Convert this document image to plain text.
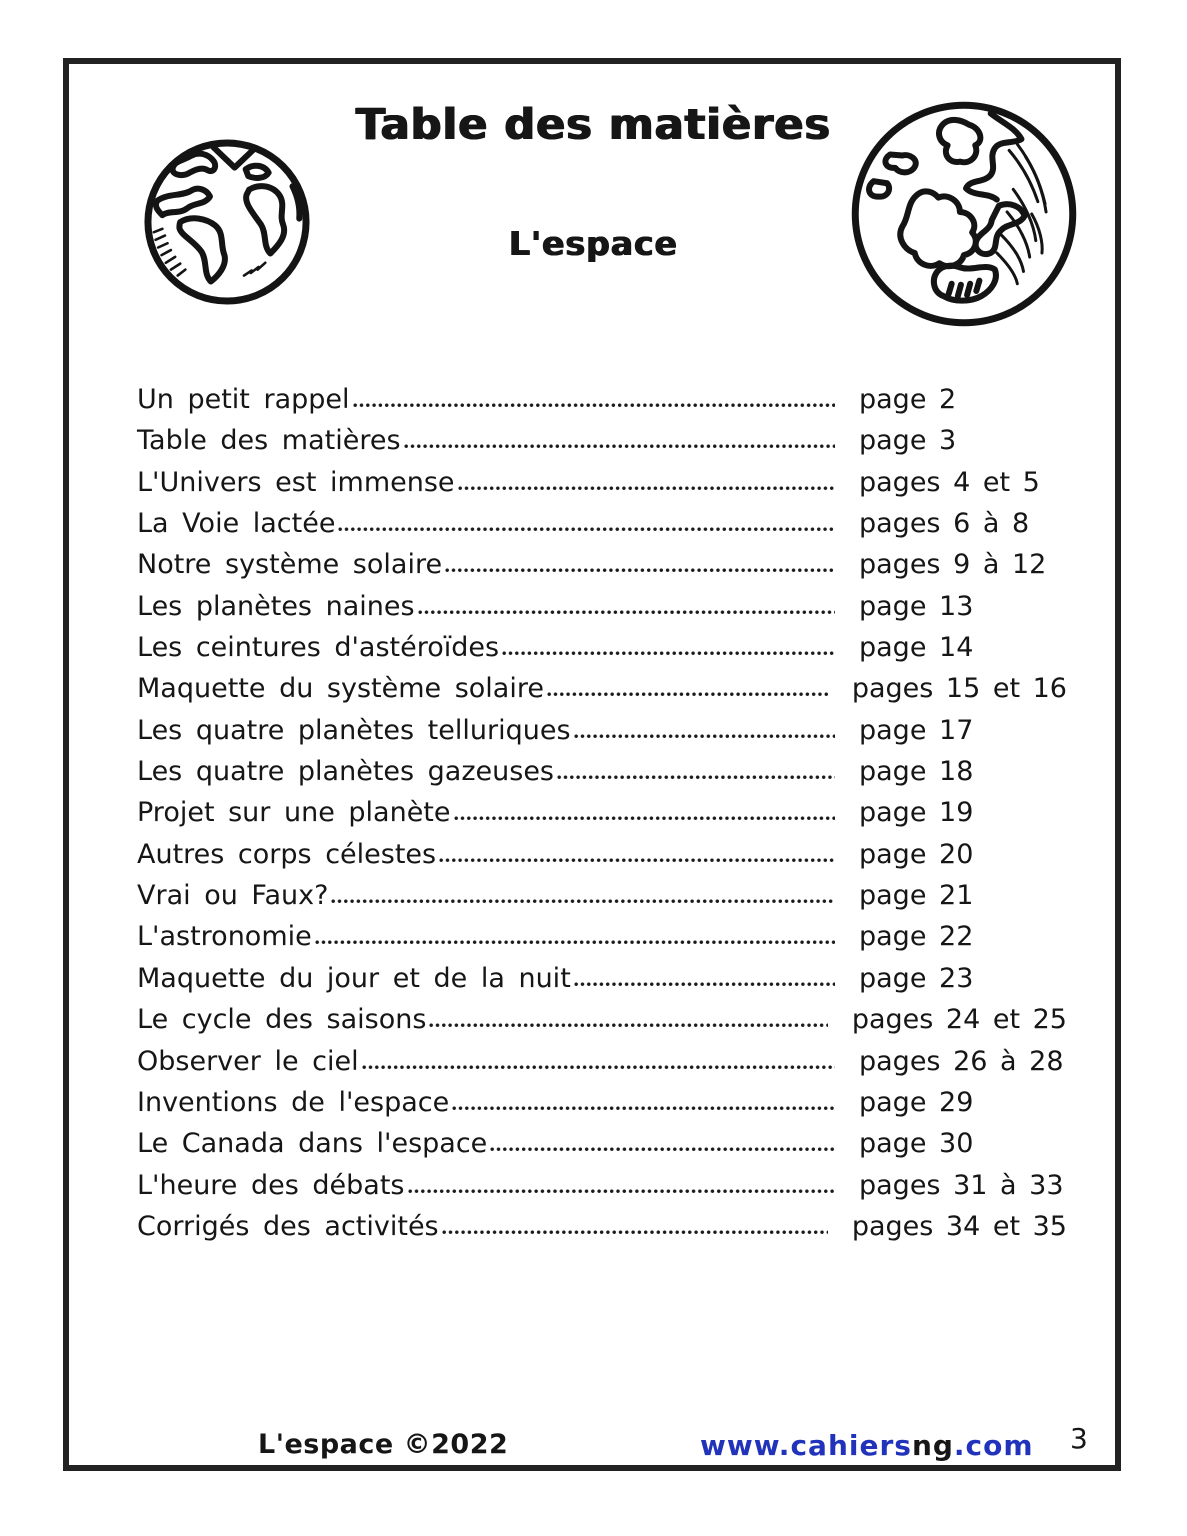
Table des matières
L'espace
Un petit rappel	page 2
Table des matières	page 3
L'Univers est immense	pages 4 et 5
La Voie lactée	pages 6 à 8
Notre système solaire	pages 9 à 12
Les planètes naines	page 13
Les ceintures d'astéroïdes	page 14
Maquette du système solaire	pages 15 et 16
Les quatre planètes telluriques	page 17
Les quatre planètes gazeuses	page 18
Projet sur une planète	page 19
Autres corps célestes	page 20
Vrai ou Faux?	page 21
L'astronomie	page 22
Maquette du jour et de la nuit	page 23
Le cycle des saisons	pages 24 et 25
Observer le ciel	pages 26 à 28
Inventions de l'espace	page 29
Le Canada dans l'espace	page 30
L'heure des débats	pages 31 à 33
Corrigés des activités	pages 34 et 35
L'espace ©2022	www.cahiersng.com 3
